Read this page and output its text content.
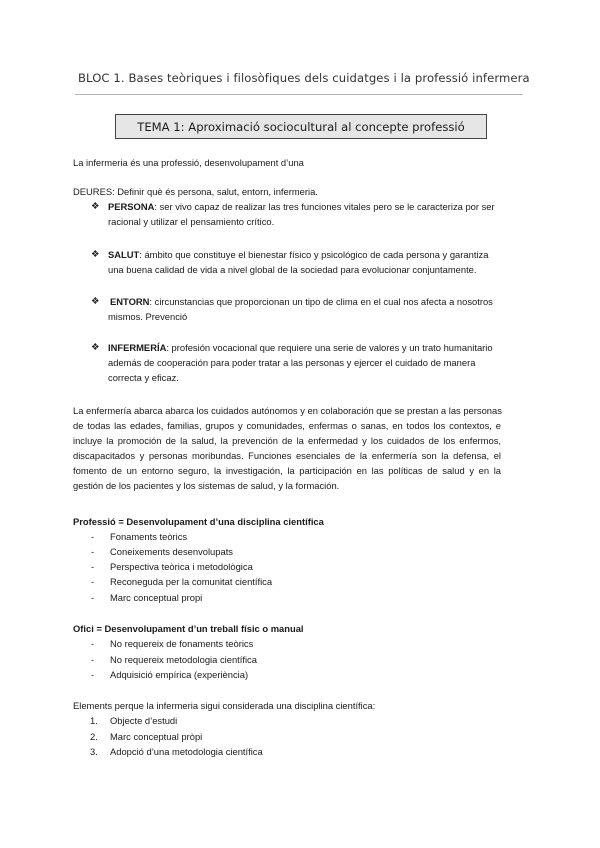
BLOC 1. Bases teòriques i filosòfiques dels cuidatges i la professió infermera
TEMA 1: Aproximació sociocultural al concepte professió
La infermeria és una professió, desenvolupament d’una
DEURES: Definir què és persona, salut, entorn, infermeria.
❖ PERSONA: ser vivo capaz de realizar las tres funciones vitales pero se le caracteriza por ser
racional y utilizar el pensamiento crítico.
❖ SALUT: ámbito que constituye el bienestar físico y psicológico de cada persona y garantiza
una buena calidad de vida a nivel global de la sociedad para evolucionar conjuntamente.
❖ ENTORN: circunstancias que proporcionan un tipo de clima en el cual nos afecta a nosotros
mismos. Prevenció
❖ INFERMERÍA: profesión vocacional que requiere una serie de valores y un trato humanitario
además de cooperación para poder tratar a las personas y ejercer el cuidado de manera
correcta y eficaz.
La enfermería abarca abarca los cuidados autónomos y en colaboración que se prestan a las personas
de todas las edades, familias, grupos y comunidades, enfermas o sanas, en todos los contextos, e
incluye la promoción de la salud, la prevención de la enfermedad y los cuidados de los enfermos,
discapacitados y personas moribundas. Funciones esenciales de la enfermería son la defensa, el
fomento de un entorno seguro, la investigación, la participación en las políticas de salud y en la
gestión de los pacientes y los sistemas de salud, y la formación.
Professió = Desenvolupament d’una disciplina científica
- Fonaments teòrics
- Coneixements desenvolupats
- Perspectiva teòrica i metodològica
- Reconeguda per la comunitat científica
- Marc conceptual propi
Ofici = Desenvolupament d’un treball físic o manual
- No requereix de fonaments teòrics
- No requereix metodologia científica
- Adquisició empírica (experiència)
Elements perque la infermeria sigui considerada una disciplina científica:
1. Objecte d’estudi
2. Marc conceptual pròpi
3. Adopció d’una metodologia científica
